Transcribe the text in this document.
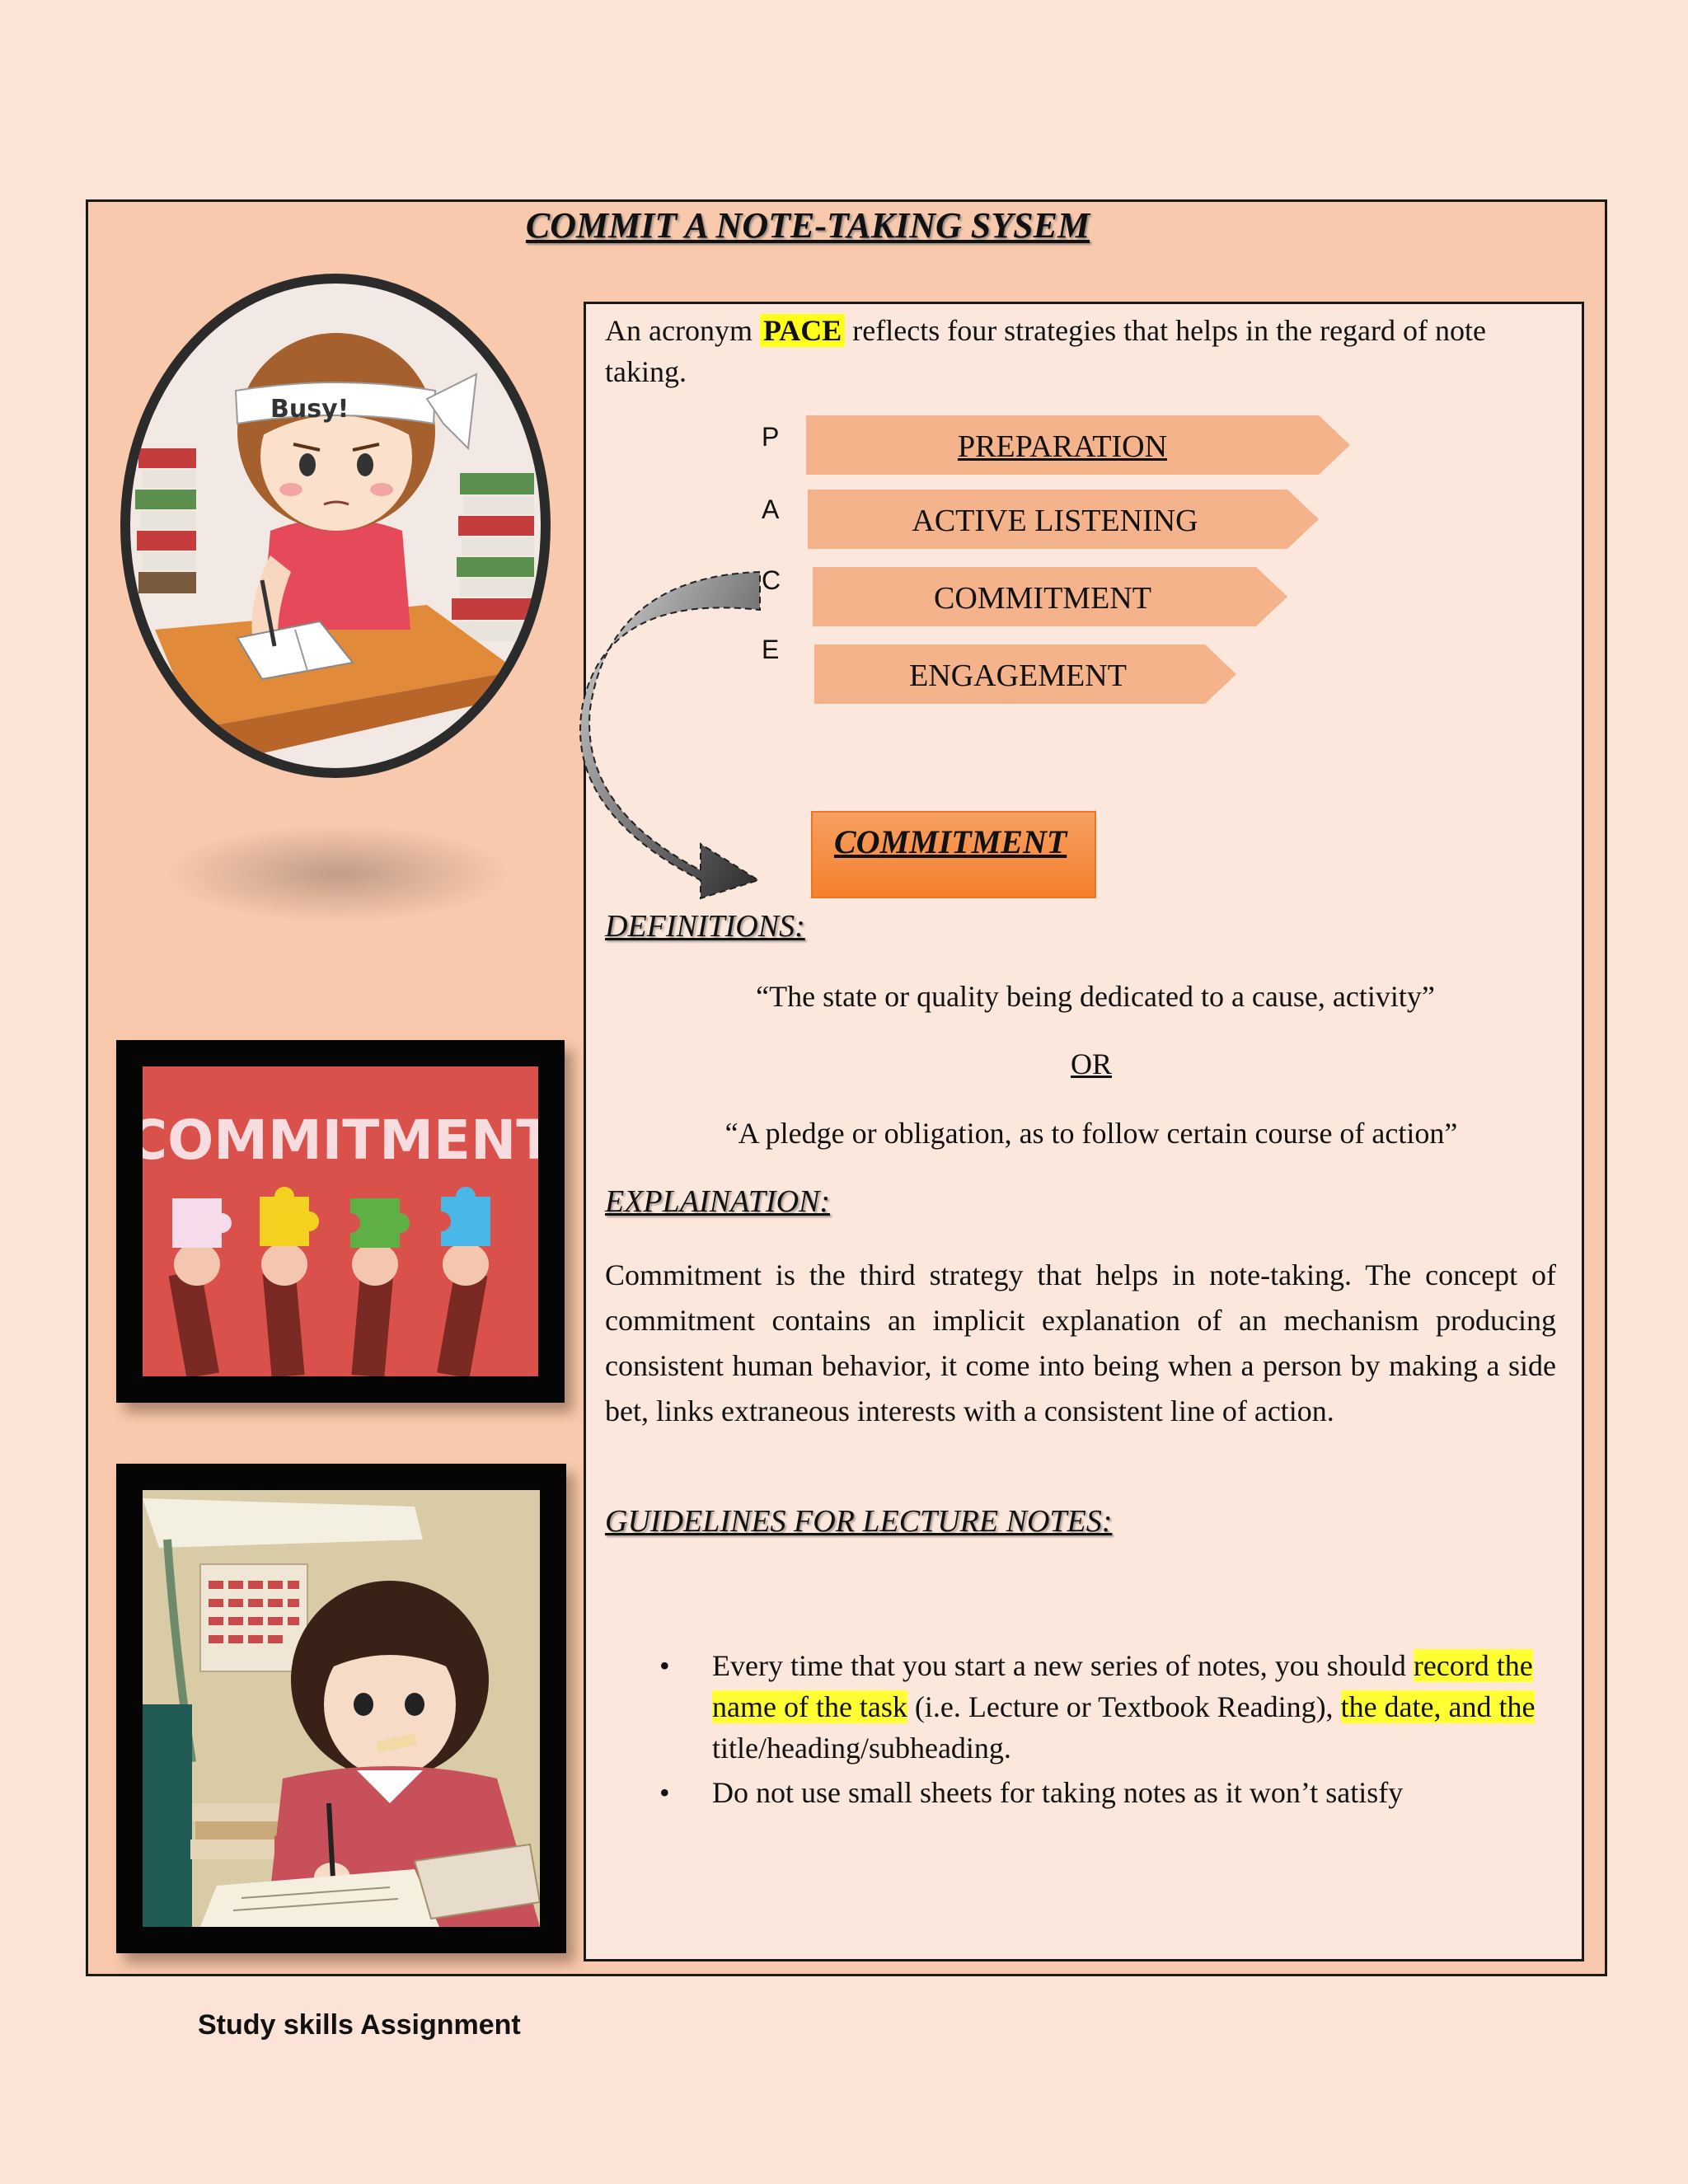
COMMIT A NOTE-TAKING SYSEM
Busy!
COMMITMENT
An acronym PACE reflects four strategies that helps in the regard of note taking.
P
A
C
E
PREPARATION
ACTIVE LISTENING
COMMITMENT
ENGAGEMENT
COMMITMENT
DEFINITIONS:
“The state or quality being dedicated to a cause, activity”
OR
“A pledge or obligation, as to follow certain course of action”
EXPLAINATION:
Commitment is the third strategy that helps in note-taking. The concept of commitment contains an implicit explanation of an mechanism producing consistent human behavior, it come into being when a person by making a side bet, links extraneous interests with a consistent line of action.
GUIDELINES FOR LECTURE NOTES:
• Every time that you start a new series of notes, you should record the name of the task (i.e. Lecture or Textbook Reading), the date, and the title/heading/subheading.
• Do not use small sheets for taking notes as it won’t satisfy
Study skills Assignment
